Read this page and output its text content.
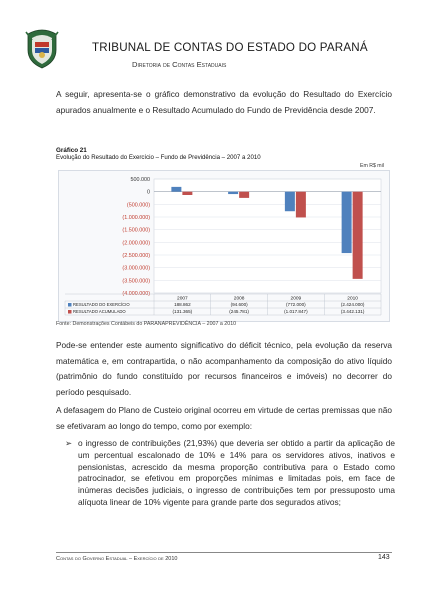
TRIBUNAL DE CONTAS DO ESTADO DO PARANÁ
Diretoria de Contas Estaduais
A seguir, apresenta-se o gráfico demonstrativo da evolução do Resultado do Exercício apurados anualmente e o Resultado Acumulado do Fundo de Previdência desde 2007.
Gráfico 21
Evolução do Resultado do Exercício – Fundo de Previdência – 2007 a 2010
Em R$ mil
500.000
0
(500.000)
(1.000.000)
(1.500.000)
(2.000.000)
(2.500.000)
(3.000.000)
(3.500.000)
(4.000.000)
2007	2008	2009	2010
RESULTADO DO EXERCÍCIO	188.862	(94.600)	(772.000)	(2.424.000)
RESULTADO ACUMULADO	(131.365)	(245.781)	(1.017.847)	(3.442.131)
Fonte: Demonstrações Contábeis do PARANAPREVIDÊNCIA – 2007 a 2010
Pode-se entender este aumento significativo do déficit técnico, pela evolução da reserva matemática e, em contrapartida, o não acompanhamento da composição do ativo líquido (patrimônio do fundo constituído por recursos financeiros e imóveis) no decorrer do período pesquisado.
A defasagem do Plano de Custeio original ocorreu em virtude de certas premissas que não se efetivaram ao longo do tempo, como por exemplo:
➢ o ingresso de contribuições (21,93%) que deveria ser obtido a partir da aplicação de um percentual escalonado de 10% e 14% para os servidores ativos, inativos e pensionistas, acrescido da mesma proporção contributiva para o Estado como patrocinador, se efetivou em proporções mínimas e limitadas pois, em face de inúmeras decisões judiciais, o ingresso de contribuições tem por pressuposto uma alíquota linear de 10% vigente para grande parte dos segurados ativos;
Contas do Governo Estadual – Exercício de 2010	143
